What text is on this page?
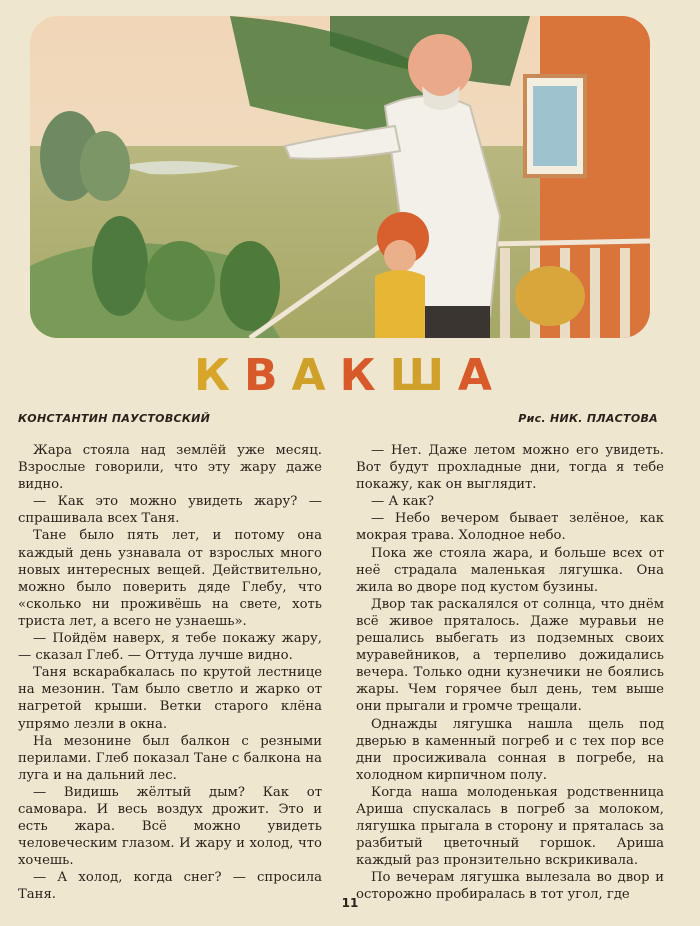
КВАКША
КОНСТАНТИН ПАУСТОВСКИЙ	Рис. НИК. ПЛАСТОВА

Жара стояла над землёй уже месяц. Взрослые говорили, что эту жару даже видно.

— Как это можно увидеть жару? — спрашивала всех Таня.

Тане было пять лет, и потому она каждый день узнавала от взрослых много новых интересных вещей. Действительно, можно было поверить дяде Глебу, что «сколько ни проживёшь на свете, хоть триста лет, а всего не узнаешь».

— Пойдём наверх, я тебе покажу жару, — сказал Глеб. — Оттуда лучше видно.

Таня вскарабкалась по крутой лестнице на мезонин. Там было светло и жарко от нагретой крыши. Ветки старого клёна упрямо лезли в окна.

На мезонине был балкон с резными перилами. Глеб показал Тане с балкона на луга и на дальний лес.

— Видишь жёлтый дым? Как от самовара. И весь воздух дрожит. Это и есть жара. Всё можно увидеть человеческим глазом. И жару и холод, что хочешь.

— А холод, когда снег? — спросила Таня.

— Нет. Даже летом можно его увидеть. Вот будут прохладные дни, тогда я тебе покажу, как он выглядит.

— А как?

— Небо вечером бывает зелёное, как мокрая трава. Холодное небо.

Пока же стояла жара, и больше всех от неё страдала маленькая лягушка. Она жила во дворе под кустом бузины.

Двор так раскалялся от солнца, что днём всё живое пряталось. Даже муравьи не решались выбегать из подземных своих муравейников, а терпеливо дожидались вечера. Только одни кузнечики не боялись жары. Чем горячее был день, тем выше они прыгали и громче трещали.

Однажды лягушка нашла щель под дверью в каменный погреб и с тех пор все дни просиживала сонная в погребе, на холодном кирпичном полу.

Когда наша молоденькая родственница Ариша спускалась в погреб за молоком, лягушка прыгала в сторону и пряталась за разбитый цветочный горшок. Ариша каждый раз пронзительно вскрикивала.

По вечерам лягушка вылезала во двор и осторожно пробиралась в тот угол, где

11
